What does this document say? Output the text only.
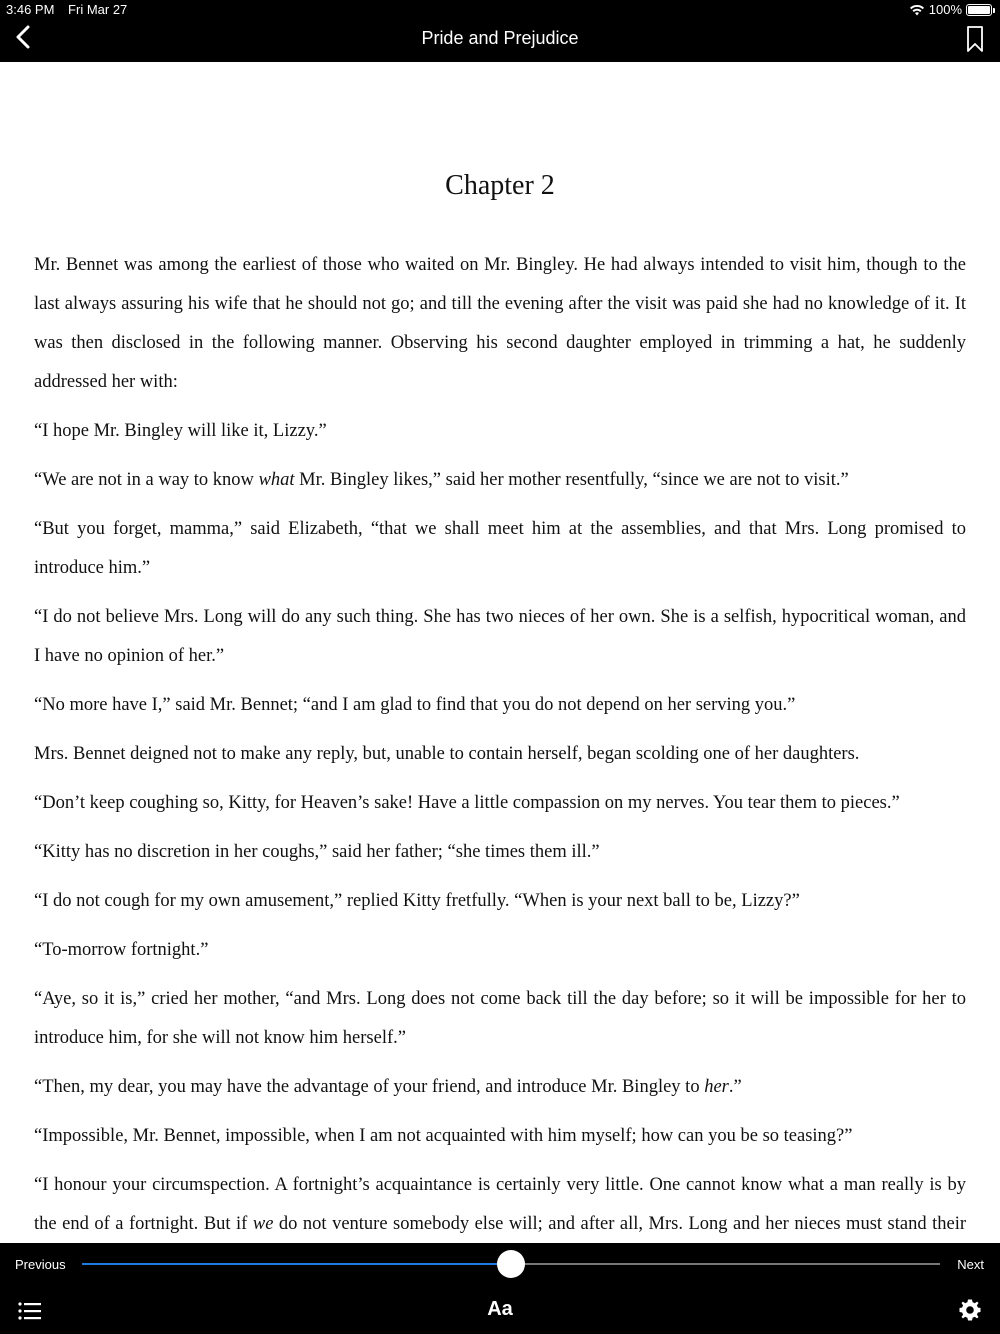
3:46 PM Fri Mar 27	100%
Pride and Prejudice
Chapter 2

Mr. Bennet was among the earliest of those who waited on Mr. Bingley. He had always intended to visit him, though to the last always assuring his wife that he should not go; and till the evening after the visit was paid she had no knowledge of it. It was then disclosed in the following manner. Observing his second daughter employed in trimming a hat, he suddenly addressed her with:

“I hope Mr. Bingley will like it, Lizzy.”

“We are not in a way to know what Mr. Bingley likes,” said her mother resentfully, “since we are not to visit.”

“But you forget, mamma,” said Elizabeth, “that we shall meet him at the assemblies, and that Mrs. Long promised to introduce him.”

“I do not believe Mrs. Long will do any such thing. She has two nieces of her own. She is a selfish, hypocritical woman, and I have no opinion of her.”

“No more have I,” said Mr. Bennet; “and I am glad to find that you do not depend on her serving you.”

Mrs. Bennet deigned not to make any reply, but, unable to contain herself, began scolding one of her daughters.

“Don’t keep coughing so, Kitty, for Heaven’s sake! Have a little compassion on my nerves. You tear them to pieces.”

“Kitty has no discretion in her coughs,” said her father; “she times them ill.”

“I do not cough for my own amusement,” replied Kitty fretfully. “When is your next ball to be, Lizzy?”

“To-morrow fortnight.”

“Aye, so it is,” cried her mother, “and Mrs. Long does not come back till the day before; so it will be impossible for her to introduce him, for she will not know him herself.”

“Then, my dear, you may have the advantage of your friend, and introduce Mr. Bingley to her.”

“Impossible, Mr. Bennet, impossible, when I am not acquainted with him myself; how can you be so teasing?”

“I honour your circumspection. A fortnight’s acquaintance is certainly very little. One cannot know what a man really is by the end of a fortnight. But if we do not venture somebody else will; and after all, Mrs. Long and her nieces must stand their

Previous	Next
Aa
